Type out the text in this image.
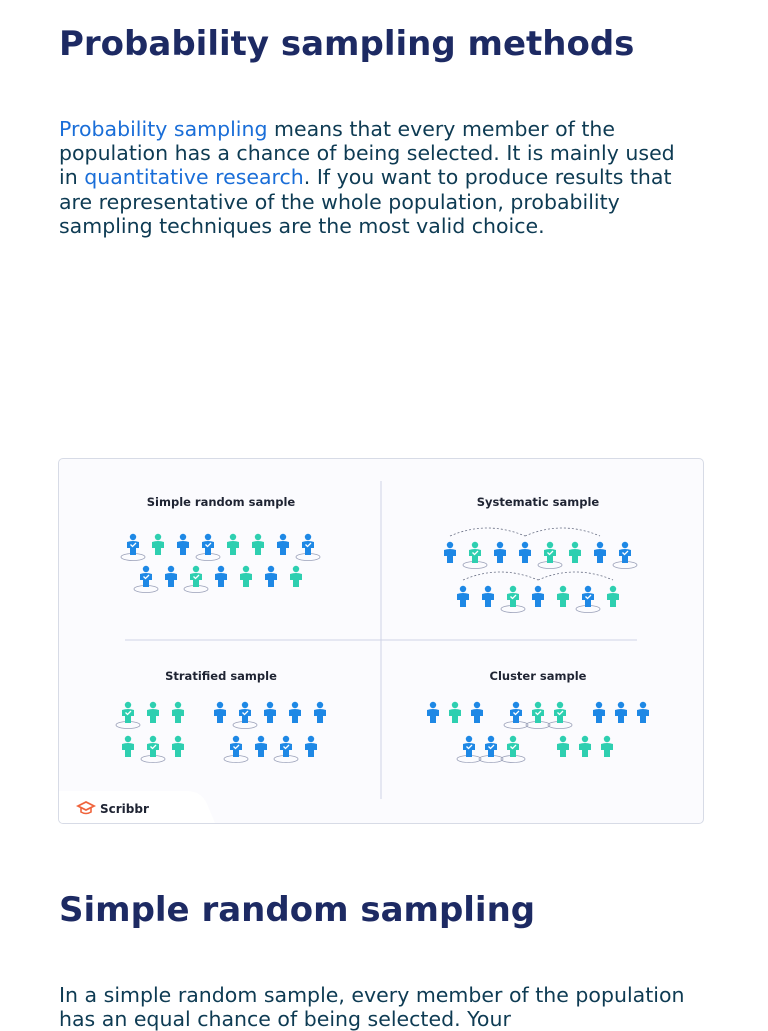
Probability sampling methods

Probability sampling means that every member of the population has a chance of being selected. It is mainly used in quantitative research. If you want to produce results that are representative of the whole population, probability sampling techniques are the most valid choice.

Simple random sample	Systematic sample
Stratified sample	Cluster sample
Scribbr
Simple random sampling

In a simple random sample, every member of the population has an equal chance of being selected. Your
